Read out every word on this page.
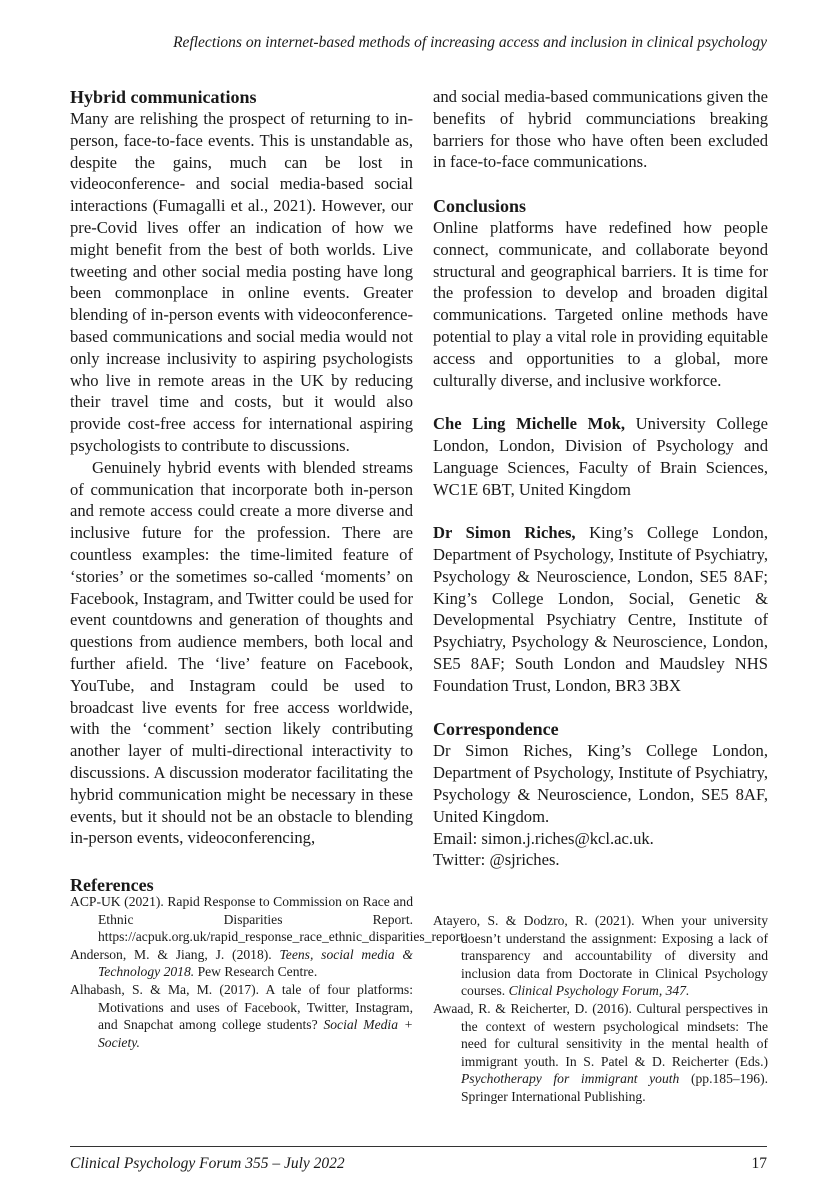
Reflections on internet-based methods of increasing access and inclusion in clinical psychology
Hybrid communications

Many are relishing the prospect of returning to in-person, face-to-face events. This is unstandable as, despite the gains, much can be lost in videoconference- and social media-based social interactions (Fumagalli et al., 2021). However, our pre-Covid lives offer an indication of how we might benefit from the best of both worlds. Live tweeting and other social media posting have long been commonplace in online events. Greater blending of in-person events with videoconference-based communications and social media would not only increase inclusivity to aspiring psychologists who live in remote areas in the UK by reducing their travel time and costs, but it would also provide cost-free access for international aspiring psychologists to contribute to discussions.

Genuinely hybrid events with blended streams of communication that incorporate both in-person and remote access could create a more diverse and inclusive future for the profession. There are countless examples: the time-limited feature of ‘stories’ or the sometimes so-called ‘moments’ on Facebook, Instagram, and Twitter could be used for event countdowns and generation of thoughts and questions from audience members, both local and further afield. The ‘live’ feature on Facebook, YouTube, and Instagram could be used to broadcast live events for free access worldwide, with the ‘comment’ section likely contributing another layer of multi-directional interactivity to discussions. A discussion moderator facilitating the hybrid communication might be necessary in these events, but it should not be an obstacle to blending in-person events, videoconferencing,

and social media-based communications given the benefits of hybrid communciations breaking barriers for those who have often been excluded in face-to-face communications.

Conclusions

Online platforms have redefined how people connect, communicate, and collaborate beyond structural and geographical barriers. It is time for the profession to develop and broaden digital communications. Targeted online methods have potential to play a vital role in providing equitable access and opportunities to a global, more culturally diverse, and inclusive workforce.

Che Ling Michelle Mok, University College London, London, Division of Psychology and Language Sciences, Faculty of Brain Sciences, WC1E 6BT, United Kingdom

Dr Simon Riches, King’s College London, Department of Psychology, Institute of Psychiatry, Psychology & Neuroscience, London, SE5 8AF; King’s College London, Social, Genetic & Developmental Psychiatry Centre, Institute of Psychiatry, Psychology & Neuroscience, London, SE5 8AF; South London and Maudsley NHS Foundation Trust, London, BR3 3BX

Correspondence

Dr Simon Riches, King’s College London, Department of Psychology, Institute of Psychiatry, Psychology & Neuroscience, London, SE5 8AF, United Kingdom.

Email: simon.j.riches@kcl.ac.uk.

Twitter: @sjriches.

References
ACP-UK (2021). Rapid Response to Commission on Race and Ethnic Disparities Report. https://acpuk.org.uk/rapid_response_race_ethnic_disparities_report.
Anderson, M. & Jiang, J. (2018). Teens, social media & Technology 2018. Pew Research Centre.
Alhabash, S. & Ma, M. (2017). A tale of four platforms: Motivations and uses of Facebook, Twitter, Instagram, and Snapchat among college students? Social Media + Society.
Atayero, S. & Dodzro, R. (2021). When your university doesn’t understand the assignment: Exposing a lack of transparency and accountability of diversity and inclusion data from Doctorate in Clinical Psychology courses. Clinical Psychology Forum, 347.
Awaad, R. & Reicherter, D. (2016). Cultural perspectives in the context of western psychological mindsets: The need for cultural sensitivity in the mental health of immigrant youth. In S. Patel & D. Reicherter (Eds.) Psychotherapy for immigrant youth (pp.185–196). Springer International Publishing.
Clinical Psychology Forum 355 – July 2022	17
